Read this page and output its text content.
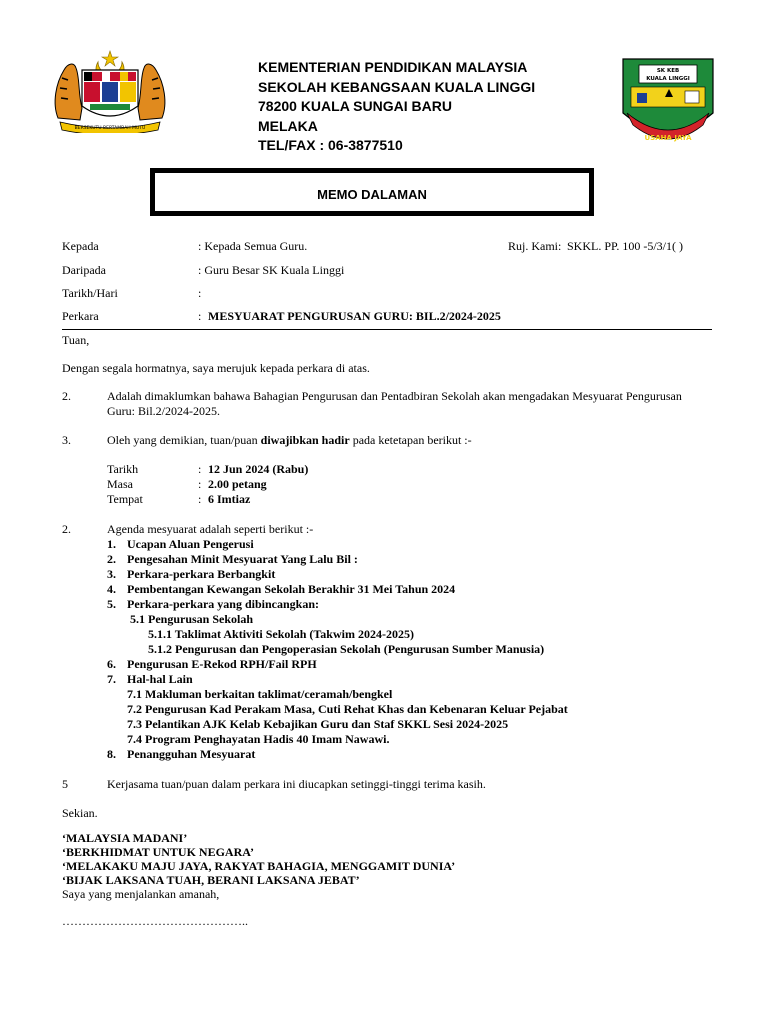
BERSEKUTU BERTAMBAH MUTU
KEMENTERIAN PENDIDIKAN MALAYSIA
SEKOLAH KEBANGSAAN KUALA LINGGI
78200 KUALA SUNGAI BARU
MELAKA
TEL/FAX : 06-3877510
SK KEB
KUALA LINGGI
USAHA JAYA
MEMO DALAMAN
Kepada	: Kepada Semua Guru.	Ruj. Kami: SKKL. PP. 100 -5/3/1( )
Daripada	: Guru Besar SK Kuala Linggi
Tarikh/Hari	:
Perkara	: MESYUARAT PENGURUSAN GURU: BIL.2/2024-2025
Tuan,
Dengan segala hormatnya, saya merujuk kepada perkara di atas.
2.	Adalah dimaklumkan bahawa Bahagian Pengurusan dan Pentadbiran Sekolah akan mengadakan Mesyuarat Pengurusan
Guru: Bil.2/2024-2025.
3.	Oleh yang demikian, tuan/puan diwajibkan hadir pada ketetapan berikut :-
Tarikh	: 12 Jun 2024 (Rabu)
Masa	: 2.00 petang
Tempat	: 6 Imtiaz
2.	Agenda mesyuarat adalah seperti berikut :-
1. Ucapan Aluan Pengerusi
2. Pengesahan Minit Mesyuarat Yang Lalu Bil :
3. Perkara-perkara Berbangkit
4. Pembentangan Kewangan Sekolah Berakhir 31 Mei Tahun 2024
5. Perkara-perkara yang dibincangkan:
5.1 Pengurusan Sekolah
5.1.1 Taklimat Aktiviti Sekolah (Takwim 2024-2025)
5.1.2 Pengurusan dan Pengoperasian Sekolah (Pengurusan Sumber Manusia)
6. Pengurusan E-Rekod RPH/Fail RPH
7. Hal-hal Lain
7.1 Makluman berkaitan taklimat/ceramah/bengkel
7.2 Pengurusan Kad Perakam Masa, Cuti Rehat Khas dan Kebenaran Keluar Pejabat
7.3 Pelantikan AJK Kelab Kebajikan Guru dan Staf SKKL Sesi 2024-2025
7.4 Program Penghayatan Hadis 40 Imam Nawawi.
8. Penangguhan Mesyuarat
5	Kerjasama tuan/puan dalam perkara ini diucapkan setinggi-tinggi terima kasih.
Sekian.
‘MALAYSIA MADANI’
‘BERKHIDMAT UNTUK NEGARA’
‘MELAKAKU MAJU JAYA, RAKYAT BAHAGIA, MENGGAMIT DUNIA’
‘BIJAK LAKSANA TUAH, BERANI LAKSANA JEBAT’
Saya yang menjalankan amanah,
………………………………………..
